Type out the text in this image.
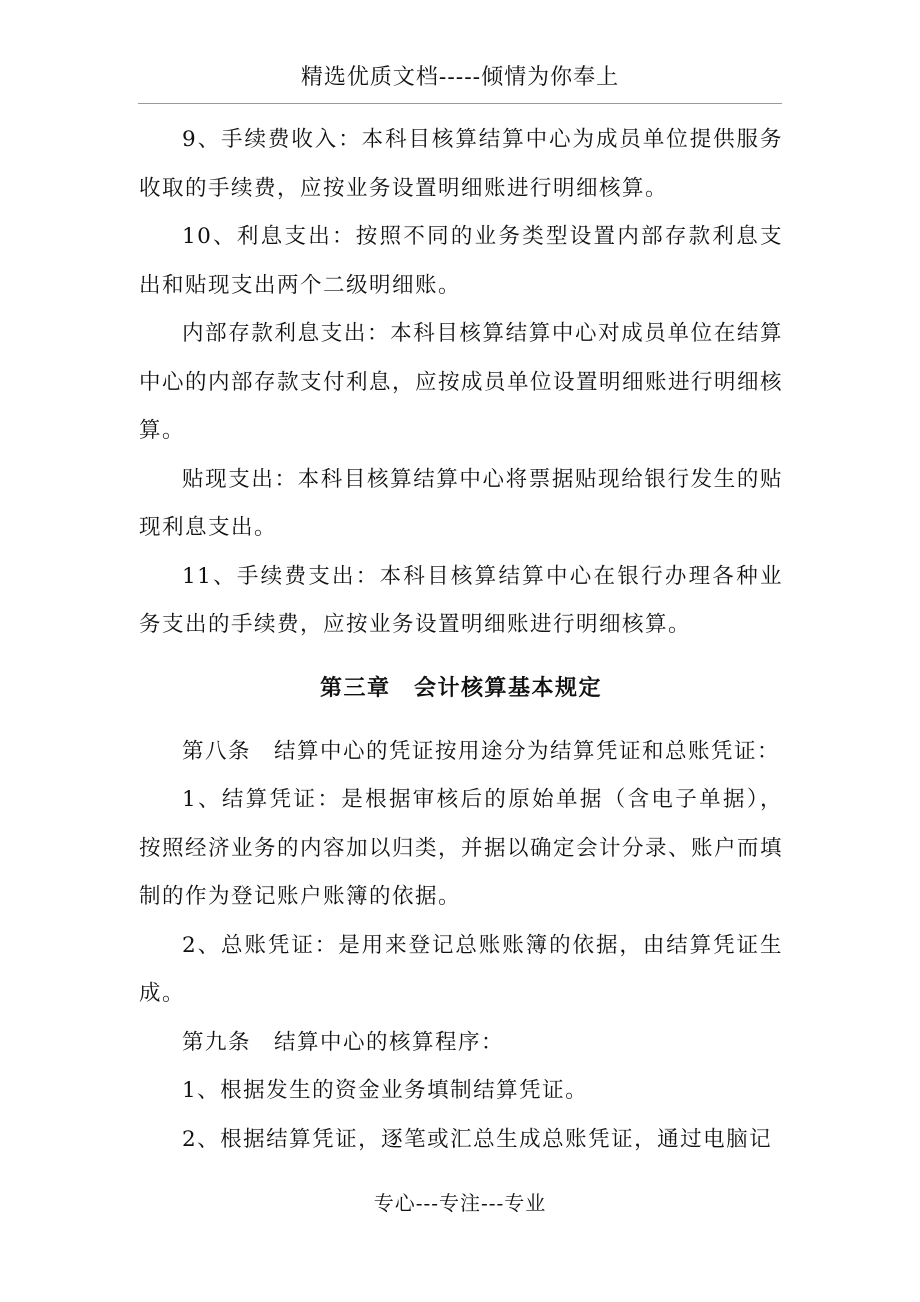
精选优质文档-----倾情为你奉上

9、手续费收入：本科目核算结算中心为成员单位提供服务收取的手续费，应按业务设置明细账进行明细核算。

10、利息支出：按照不同的业务类型设置内部存款利息支出和贴现支出两个二级明细账。

内部存款利息支出：本科目核算结算中心对成员单位在结算中心的内部存款支付利息，应按成员单位设置明细账进行明细核算。

贴现支出：本科目核算结算中心将票据贴现给银行发生的贴现利息支出。

11、手续费支出：本科目核算结算中心在银行办理各种业务支出的手续费，应按业务设置明细账进行明细核算。

第三章　会计核算基本规定

第八条　结算中心的凭证按用途分为结算凭证和总账凭证：

1、结算凭证：是根据审核后的原始单据（含电子单据），按照经济业务的内容加以归类，并据以确定会计分录、账户而填制的作为登记账户账簿的依据。

2、总账凭证：是用来登记总账账簿的依据，由结算凭证生成。

第九条　结算中心的核算程序：

1、根据发生的资金业务填制结算凭证。

2、根据结算凭证，逐笔或汇总生成总账凭证，通过电脑记

专心---专注---专业
